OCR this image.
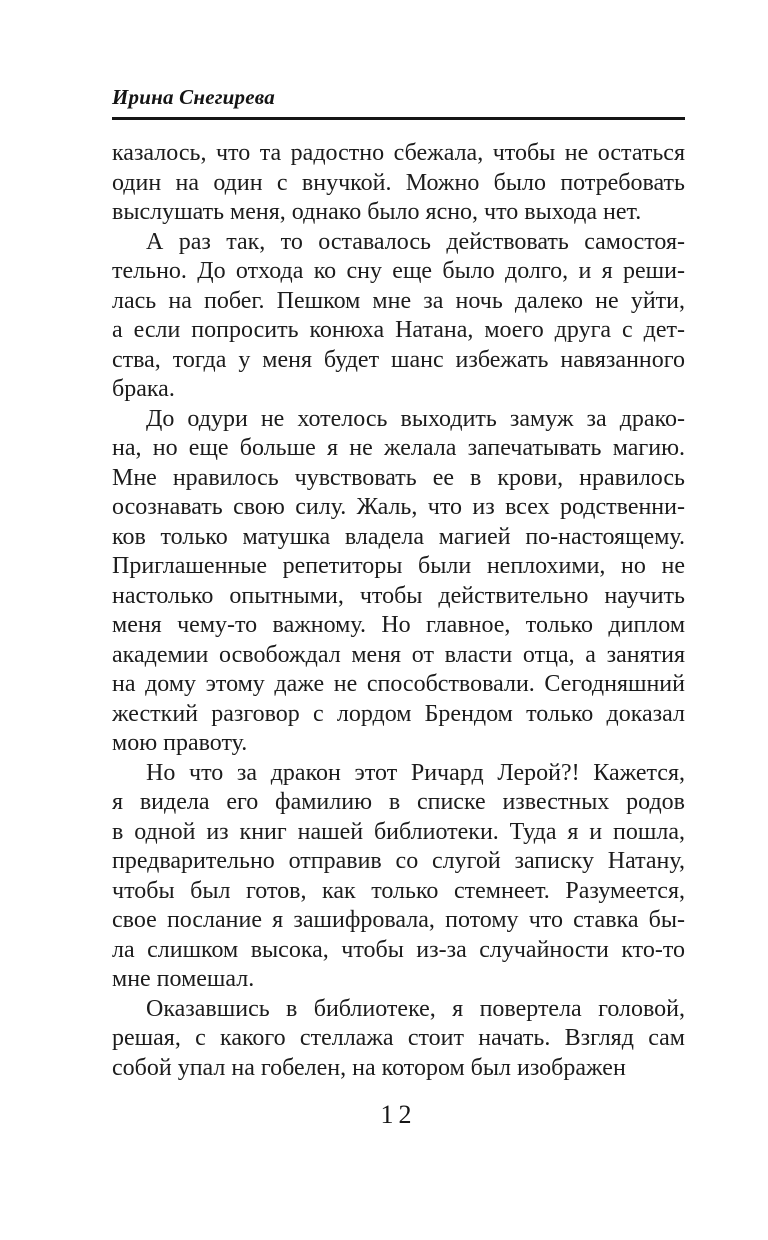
Ирина Снегирева
казалось, что та радостно сбежала, чтобы не остаться
один на один с внучкой. Можно было потребовать
выслушать меня, однако было ясно, что выхода нет.
А раз так, то оставалось действовать самостоя-
тельно. До отхода ко сну еще было долго, и я реши-
лась на побег. Пешком мне за ночь далеко не уйти,
а если попросить конюха Натана, моего друга с дет-
ства, тогда у меня будет шанс избежать навязанного
брака.
До одури не хотелось выходить замуж за драко-
на, но еще больше я не желала запечатывать магию.
Мне нравилось чувствовать ее в крови, нравилось
осознавать свою силу. Жаль, что из всех родственни-
ков только матушка владела магией по-настоящему.
Приглашенные репетиторы были неплохими, но не
настолько опытными, чтобы действительно научить
меня чему-то важному. Но главное, только диплом
академии освобождал меня от власти отца, а занятия
на дому этому даже не способствовали. Сегодняшний
жесткий разговор с лордом Брендом только доказал
мою правоту.
Но что за дракон этот Ричард Лерой?! Кажется,
я видела его фамилию в списке известных родов
в одной из книг нашей библиотеки. Туда я и пошла,
предварительно отправив со слугой записку Натану,
чтобы был готов, как только стемнеет. Разумеется,
свое послание я зашифровала, потому что ставка бы-
ла слишком высока, чтобы из-за случайности кто-то
мне помешал.
Оказавшись в библиотеке, я повертела головой,
решая, с какого стеллажа стоит начать. Взгляд сам
собой упал на гобелен, на котором был изображен
12
